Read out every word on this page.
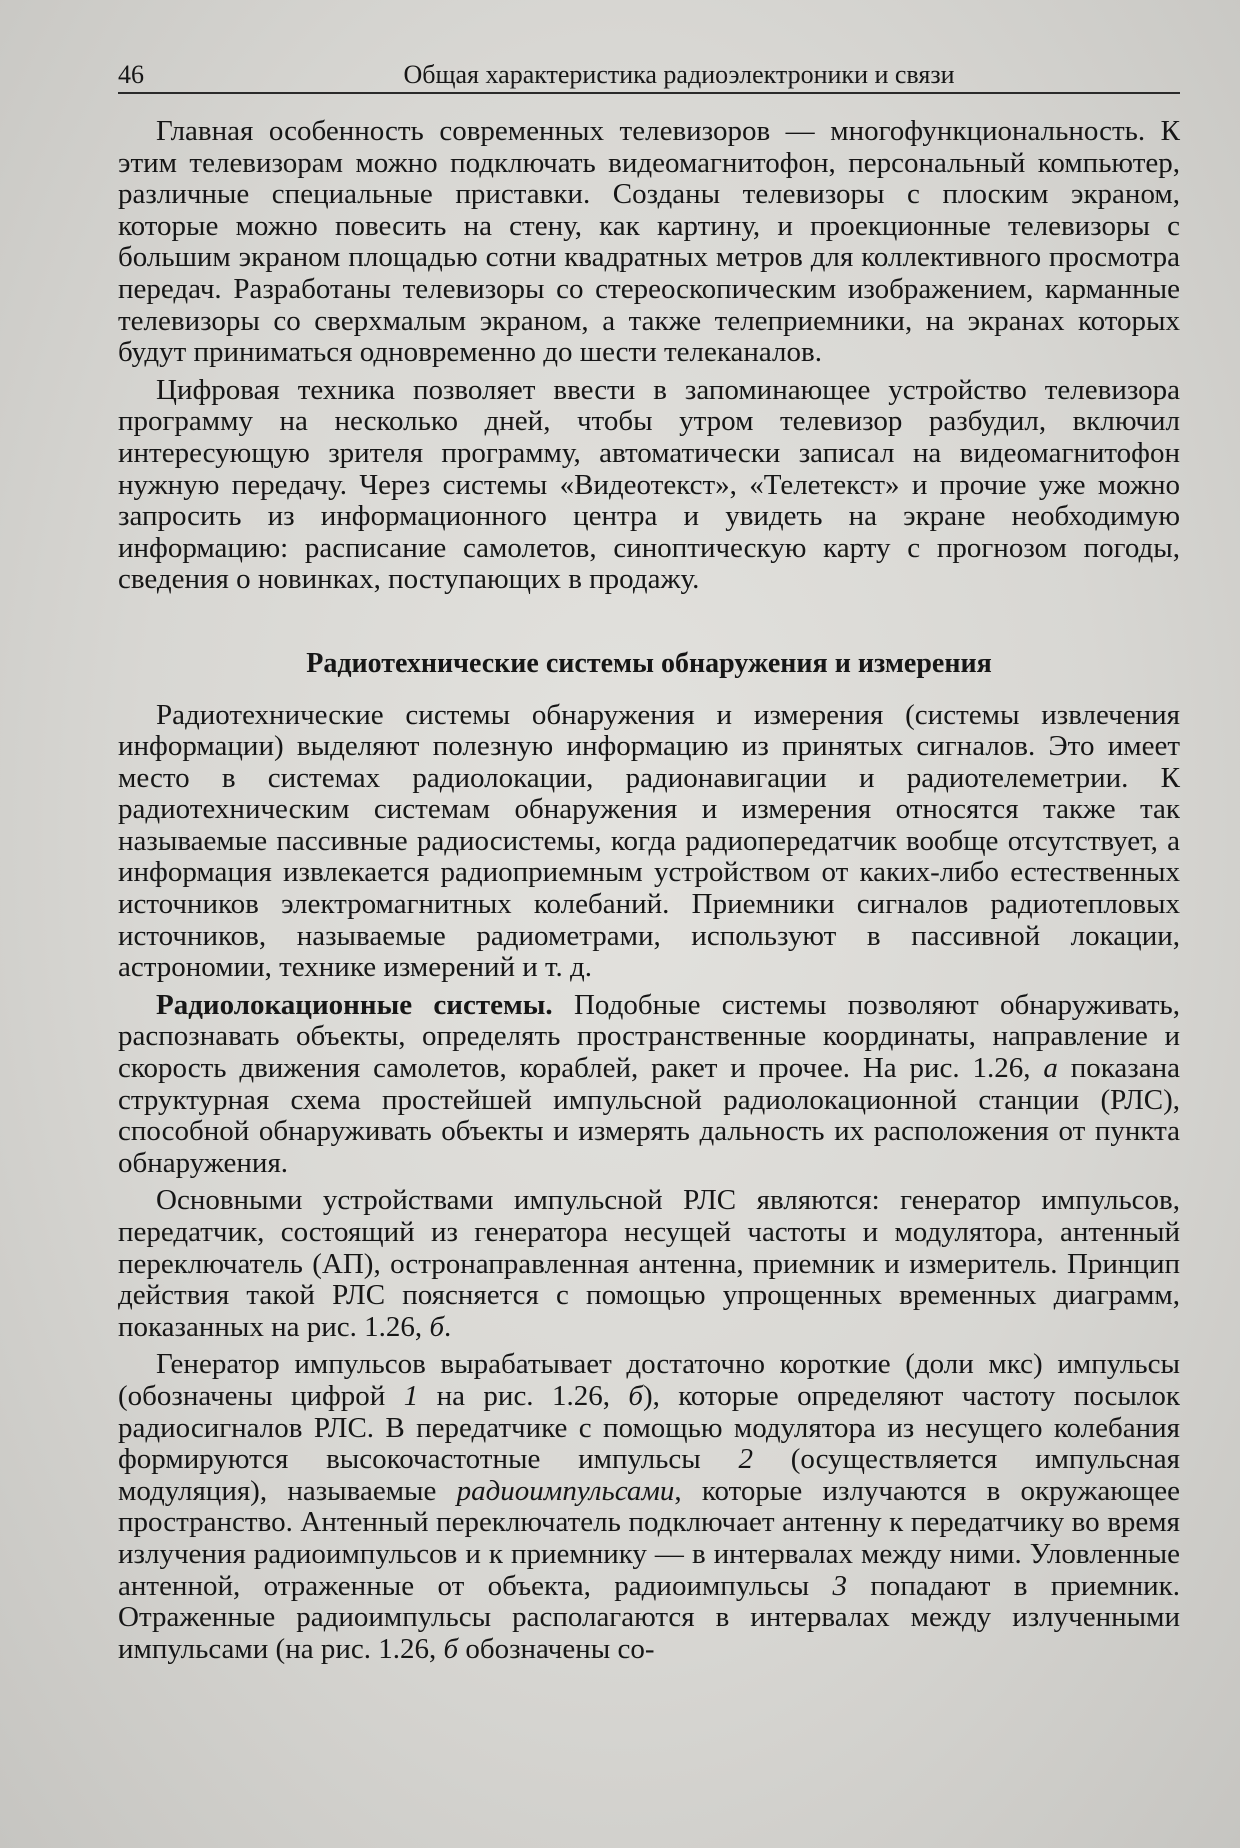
46	Общая характеристика радиоэлектроники и связи

Главная особенность современных телевизоров — многофункциональность. К этим телевизорам можно подключать видеомагнитофон, персональный компьютер, различные специальные приставки. Созданы телевизоры с плоским экраном, которые можно повесить на стену, как картину, и проекционные телевизоры с большим экраном площадью сотни квадратных метров для коллективного просмотра передач. Разработаны телевизоры со стереоскопическим изображением, карманные телевизоры со сверхмалым экраном, а также телеприемники, на экранах которых будут приниматься одновременно до шести телеканалов.

Цифровая техника позволяет ввести в запоминающее устройство телевизора программу на несколько дней, чтобы утром телевизор разбудил, включил интересующую зрителя программу, автоматически записал на видеомагнитофон нужную передачу. Через системы «Видеотекст», «Телетекст» и прочие уже можно запросить из информационного центра и увидеть на экране необходимую информацию: расписание самолетов, синоптическую карту с прогнозом погоды, сведения о новинках, поступающих в продажу.

Радиотехнические системы обнаружения и измерения

Радиотехнические системы обнаружения и измерения (системы извлечения информации) выделяют полезную информацию из принятых сигналов. Это имеет место в системах радиолокации, радионавигации и радиотелеметрии. К радиотехническим системам обнаружения и измерения относятся также так называемые пассивные радиосистемы, когда радиопередатчик вообще отсутствует, а информация извлекается радиоприемным устройством от каких-либо естественных источников электромагнитных колебаний. Приемники сигналов радиотепловых источников, называемые радиометрами, используют в пассивной локации, астрономии, технике измерений и т. д.

Радиолокационные системы. Подобные системы позволяют обнаруживать, распознавать объекты, определять пространственные координаты, направление и скорость движения самолетов, кораблей, ракет и прочее. На рис. 1.26, а показана структурная схема простейшей импульсной радиолокационной станции (РЛС), способной обнаруживать объекты и измерять дальность их расположения от пункта обнаружения.

Основными устройствами импульсной РЛС являются: генератор импульсов, передатчик, состоящий из генератора несущей частоты и модулятора, антенный переключатель (АП), остронаправленная антенна, приемник и измеритель. Принцип действия такой РЛС поясняется с помощью упрощенных временных диаграмм, показанных на рис. 1.26, б.

Генератор импульсов вырабатывает достаточно короткие (доли мкс) импульсы (обозначены цифрой 1 на рис. 1.26, б), которые определяют частоту посылок радиосигналов РЛС. В передатчике с помощью модулятора из несущего колебания формируются высокочастотные импульсы 2 (осуществляется импульсная модуляция), называемые радиоимпульсами, которые излучаются в окружающее пространство. Антенный переключатель подключает антенну к передатчику во время излучения радиоимпульсов и к приемнику — в интервалах между ними. Уловленные антенной, отраженные от объекта, радиоимпульсы 3 попадают в приемник. Отраженные радиоимпульсы располагаются в интервалах между излученными импульсами (на рис. 1.26, б обозначены со-
